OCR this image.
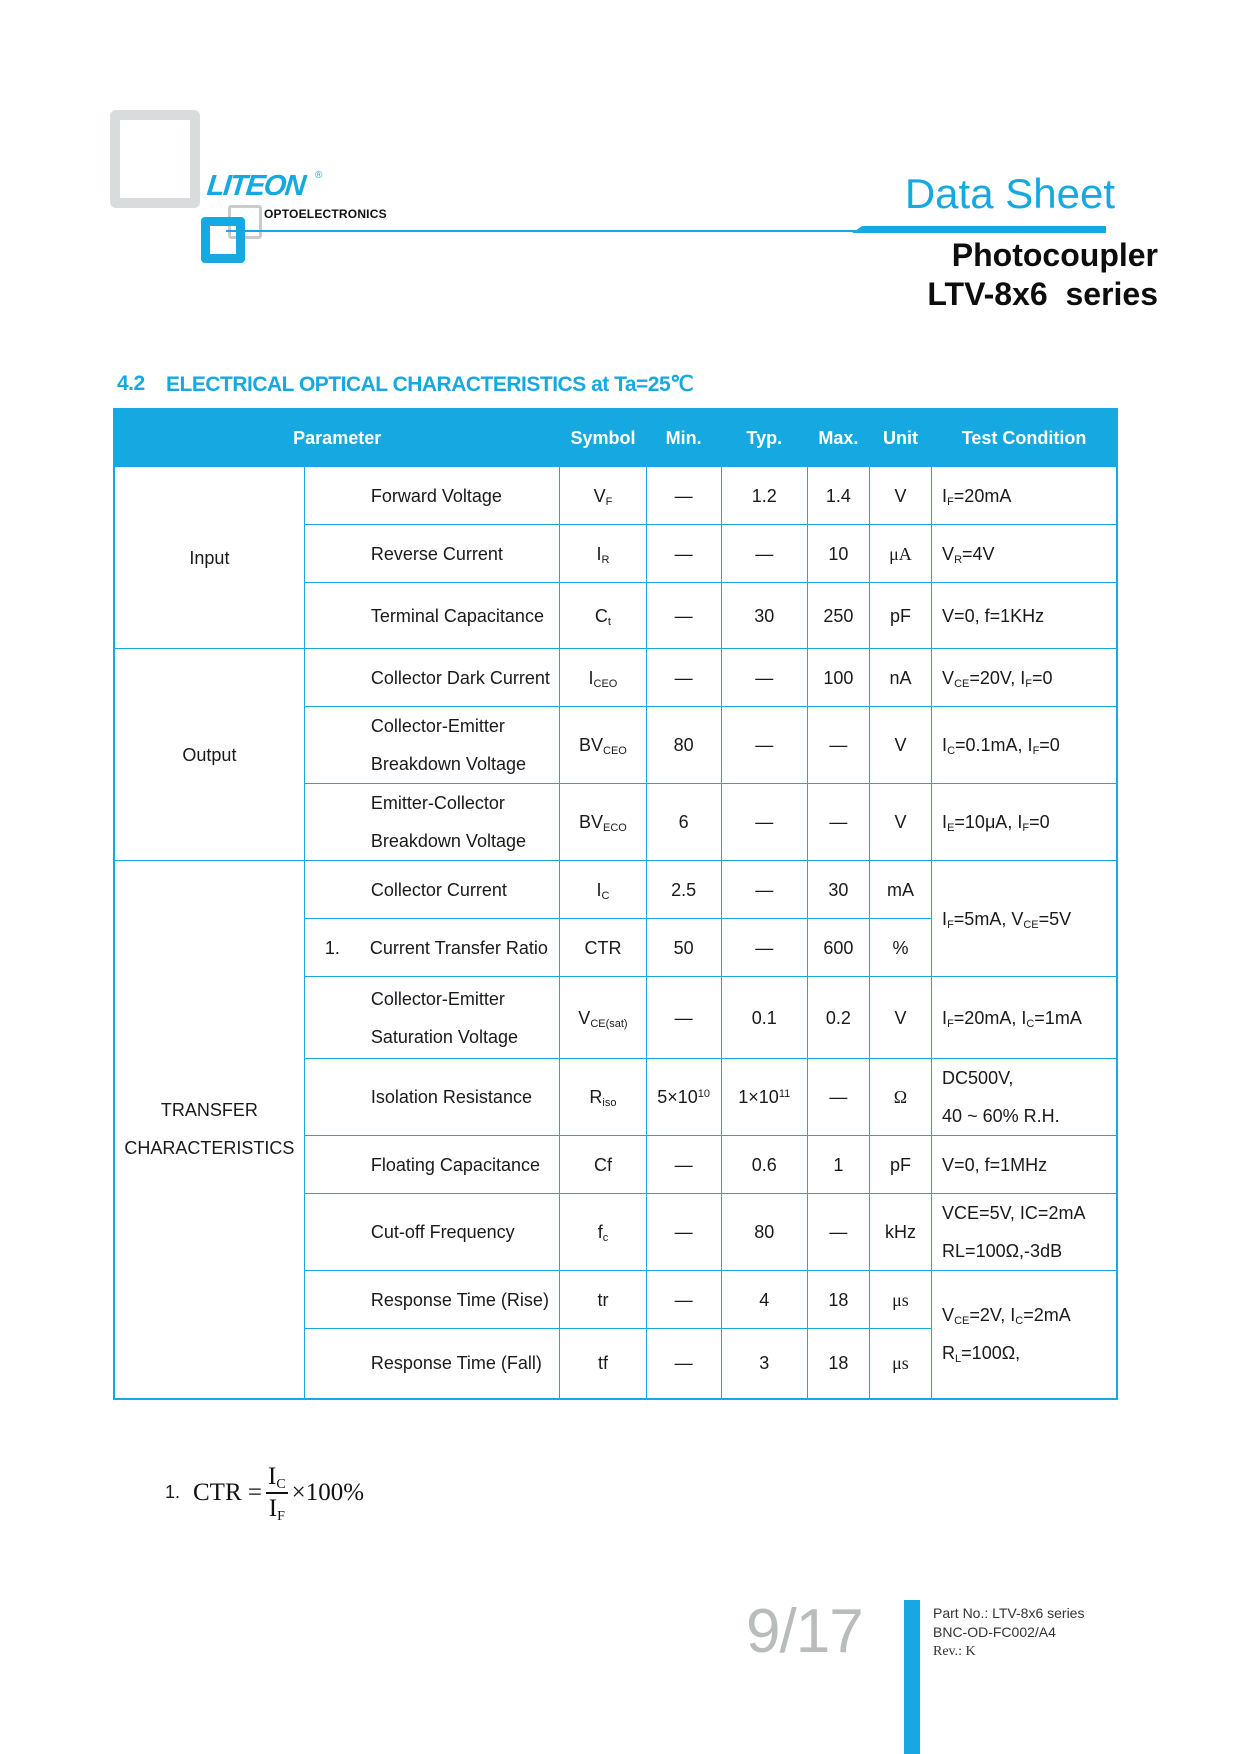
LITEON ®
OPTOELECTRONICS	Data Sheet
Photocoupler
LTV-8x6  series
4.2 ELECTRICAL OPTICAL CHARACTERISTICS at Ta=25℃
Parameter		Symbol	Min.	Typ.	Max.	Unit	Test Condition
Input	Forward Voltage	$V_F$	—	1.2	1.4	V	$I_F=20mA$
	Reverse Current	$I_R$	—	—	10	μA	$V_R=4V$
	Terminal Capacitance	$C_t$	—	30	250	pF	V=0, f=1KHz
Output	Collector Dark Current	$I_{CEO}$	—	—	100	nA	$V_{CE}=20V$, $I_F=0$

	Collector-Emitter
Breakdown Voltage	$BV_{CEO}$	80	—	—	V	$I_C=0.1mA$, $I_F=0$

	Emitter-Collector
Breakdown Voltage	$BV_{ECO}$	6	—	—	V	$I_E=10\mu A$, $I_F=0$

TRANSFER
CHARACTERISTICS	Collector Current	$I_C$	2.5	—	30	mA	$I_F=5mA$, $V_{CE}=5V$
	1. Current Transfer Ratio	CTR	50	—	600	%	

	Collector-Emitter
Saturation Voltage	$V_{CE(sat)}$	—	0.1	0.2	V	$I_F=20mA$, $I_C=1mA$
	Isolation Resistance	$R_{iso}$	$5\times 10^{10}$	$1\times 10^{11}$	—	Ω	DC500V,
40 ~ 60% R.H.

	Floating Capacitance	Cf	—	0.6	1	pF	V=0, f=1MHz
	Cut-off Frequency	$f_c$	—	80	—	kHz	VCE=5V, IC=2mA
RL=100Ω,-3dB

	Response Time (Rise)	tr	—	4	18	μs	$V_{CE}=2V$, $I_C=2mA$
$R_L=100\Omega$,

	Response Time (Fall)	tf	—	3	18	μs	
1. CTR = $\frac{I_C}{I_F} \times 100\%$
9/17	Part No.: LTV-8x6 series
BNC-OD-FC002/A4
Rev.: K
